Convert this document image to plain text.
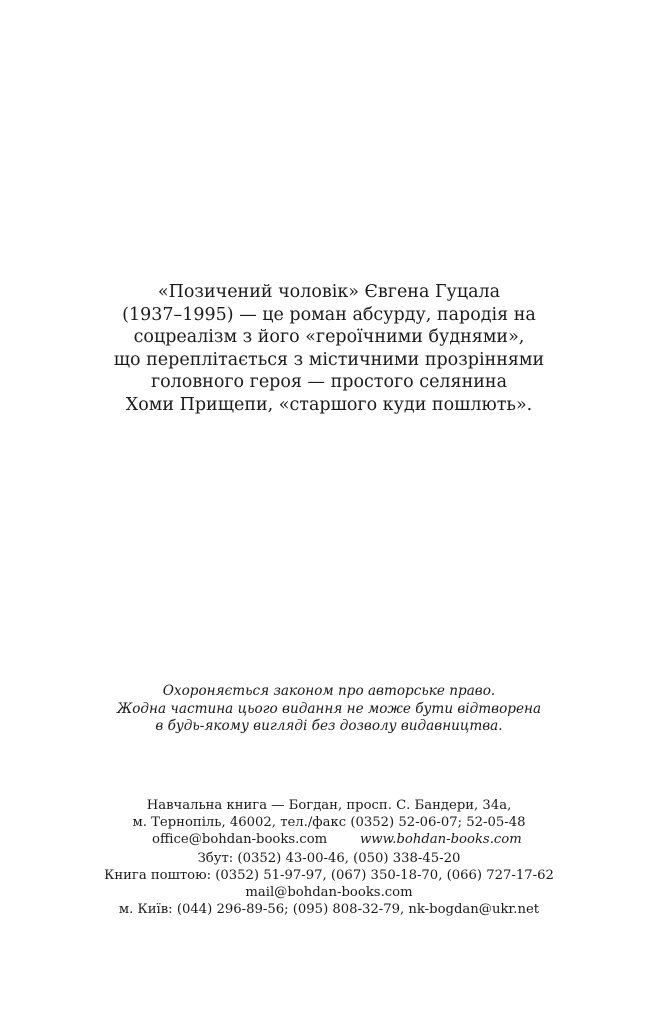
«Позичений чоловік» Євгена Гуцала
(1937–1995) — це роман абсурду, пародія на
соцреалізм з його «героїчними буднями»,
що переплітається з містичними прозріннями
головного героя — простого селянина
Хоми Прищепи, «старшого куди пошлють».
Охороняється законом про авторське право.
Жодна частина цього видання не може бути відтворена
в будь-якому вигляді без дозволу видавництва.
Навчальна книга — Богдан, просп. С. Бандери, 34а,
м. Тернопіль, 46002, тел./факс (0352) 52-06-07; 52-05-48
office@bohdan-books.com www.bohdan-books.com
Збут: (0352) 43-00-46, (050) 338-45-20
Книга поштою: (0352) 51-97-97, (067) 350-18-70, (066) 727-17-62
mail@bohdan-books.com
м. Київ: (044) 296-89-56; (095) 808-32-79, nk-bogdan@ukr.net
